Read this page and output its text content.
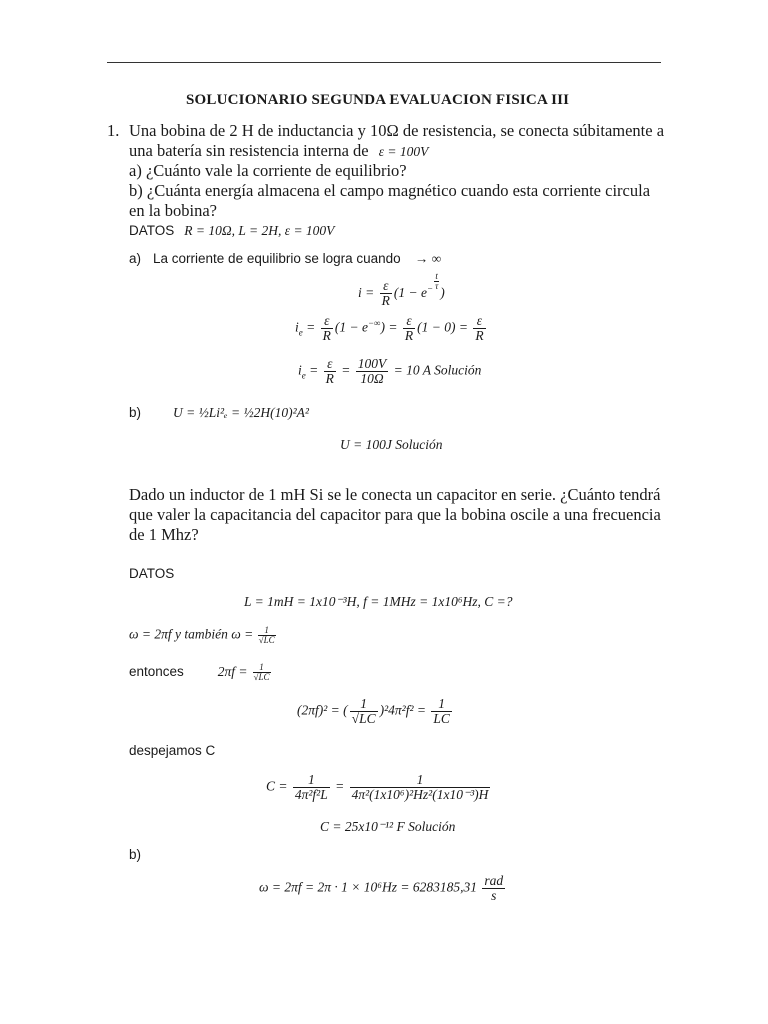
SOLUCIONARIO SEGUNDA EVALUACION FISICA III
1. Una bobina de 2 H de inductancia y 10Ω de resistencia, se conecta súbitamente a
una batería sin resistencia interna de ε = 100V
a) ¿Cuánto vale la corriente de equilibrio?
b) ¿Cuánta energía almacena el campo magnético cuando esta corriente circula
en la bobina?
DATOS R = 10Ω, L = 2H, ε = 100V
a) La corriente de equilibrio se logra cuando → ∞
$i = \frac{\varepsilon}{R} (1 - e^- \frac{t}{\tau}$
)
$i_e = \frac{\varepsilon}{R} (1 - e^{-\infty}) = \frac{\varepsilon}{R} (1 - 0) = \frac{\varepsilon}{R}$
$i_e = \frac{\varepsilon}{R} = \frac{100V}{10\Omega} = 10$ A Solución
b) U = ½Li²ₑ = ½2H(10)²A²
U = 100J Solución
Dado un inductor de 1 mH Si se le conecta un capacitor en serie. ¿Cuánto tendrá
que valer la capacitancia del capacitor para que la bobina oscile a una frecuencia
de 1 Mhz?
DATOS
L = 1mH = 1x10⁻³H, f = 1MHz = 1x10⁶Hz, C =?
ω = 2πf y también $\omega = \frac{1}{√LC}$
entonces	$2\pi f = \frac{1}{√LC}$
(2πf)² = ( $\frac{1}{√LC} )^24\pi^2f^2 = \frac{1}{LC}$
despejamos C
$C = \frac{1}{\text{4π²f²L}} = \frac{1}{\text{4π²(1x10⁶)²Hz²(1x10⁻³)H}}$
C = 25x10⁻¹² F Solución
b)
$\omega = 2\pi f = 2\pi \cdot 1 \times 10^6Hz = 6283185,31 \frac{\text{rad}}{s}$
